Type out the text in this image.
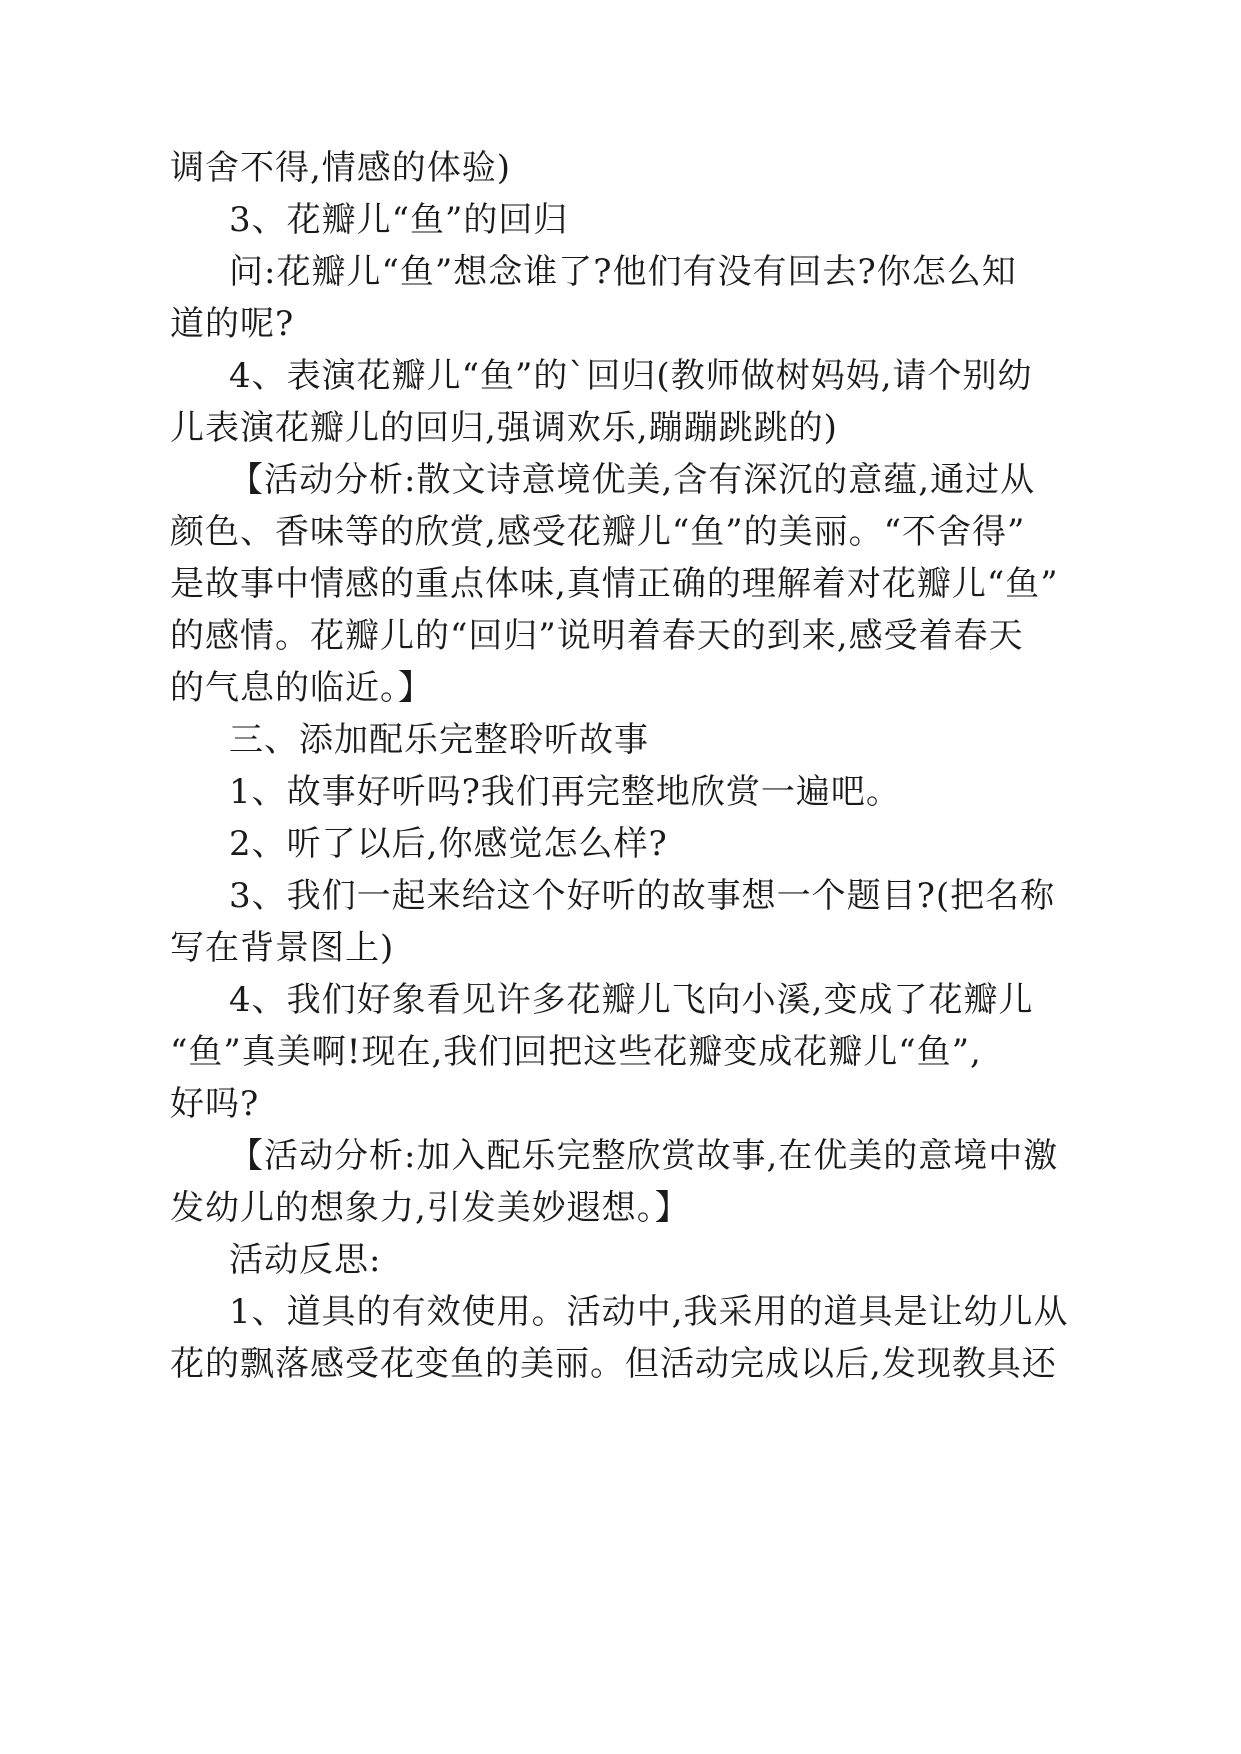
调舍不得,情感的体验)
3、花瓣儿“鱼”的回归
问 : 花 瓣 儿 “ 鱼 ” 想 念 谁 了 ? 他 们 有 没 有 回 去 ? 你 怎 么 知
道的呢?
4 、 表 演 花 瓣 儿 “ 鱼 ” 的 ` 回 归 ( 教 师 做 树 妈 妈 , 请 个 别 幼
儿表演花瓣儿的回归,强调欢乐,蹦蹦跳跳的)
【 活 动 分 析 : 散 文 诗 意 境 优 美 , 含 有 深 沉 的 意 蕴 , 通 过 从
颜 色 、 香 味 等 的 欣 赏 , 感 受 花 瓣 儿 “ 鱼 ” 的 美 丽 。 “ 不 舍 得 ”
是 故 事 中 情 感 的 重 点 体 味 , 真 情 正 确 的 理 解 着 对 花 瓣 儿 “ 鱼 ”
的 感 情 。 花 瓣 儿 的 “ 回 归 ” 说 明 着 春 天 的 到 来 , 感 受 着 春 天
的气息的临近。】
三、添加配乐完整聆听故事
1、故事好听吗?我们再完整地欣赏一遍吧。
2、听了以后,你感觉怎么样?
3 、 我 们 一 起 来 给 这 个 好 听 的 故 事 想 一 个 题 目 ? ( 把 名 称
写在背景图上)
4 、 我 们 好 象 看 见 许 多 花 瓣 儿 飞 向 小 溪 , 变 成 了 花 瓣 儿
“ 鱼 ” 真 美 啊 ! 现 在 , 我 们 回 把 这 些 花 瓣 变 成 花 瓣 儿 “ 鱼 ” ,
好吗?
【 活 动 分 析 : 加 入 配 乐 完 整 欣 赏 故 事 , 在 优 美 的 意 境 中 激
发幼儿的想象力,引发美妙遐想。】
活动反思:
1 、 道 具 的 有 效 使 用 。 活 动 中 , 我 采 用 的 道 具 是 让 幼 儿 从
花 的 飘 落 感 受 花 变 鱼 的 美 丽 。 但 活 动 完 成 以 后 , 发 现 教 具 还
